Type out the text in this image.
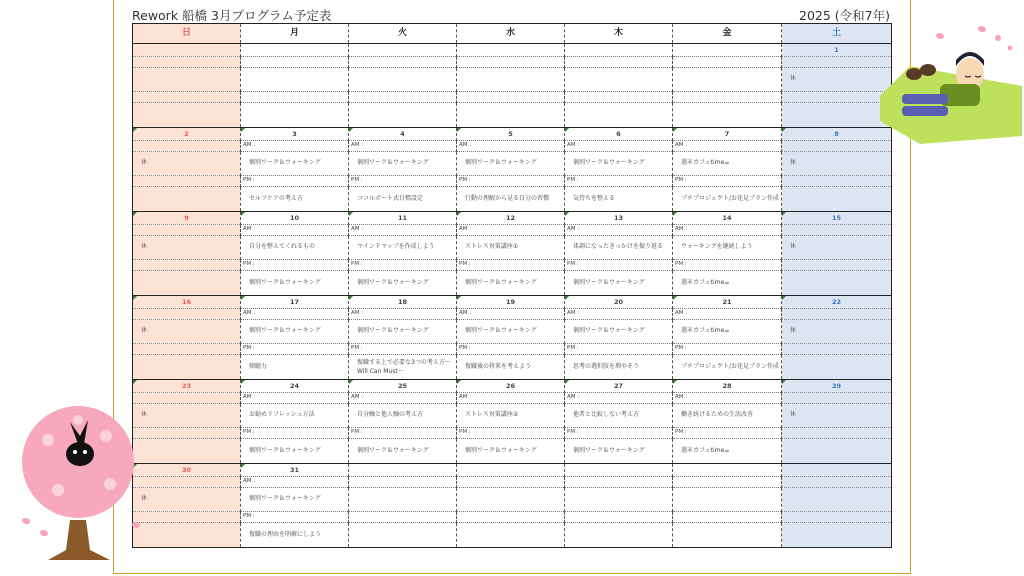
Rework 船橋 3月プログラム予定表	2025 (令和7年)
日	月	火	水	木	金	土
						1

						休

2	3	4	5	6	7	8
	AM :	AM :	AM :	AM :	AM :	
休	個別ワーク＆ウォーキング	個別ワーク＆ウォーキング	個別ワーク＆ウォーキング	個別ワーク＆ウォーキング	週末カフェtime☕	休
	PM :	PM :	PM :	PM :	PM :	
	セルフケアの考え方	ココルポート式目標設定	行動の理解から見る自分の習慣	気持ちを整える	プチプロジェクト/お花見プラン作成	
9	10	11	12	13	14	15
	AM :	AM :	AM :	AM :	AM :	
休	自分を整えてくれるもの	マインドマップを作成しよう	ストレス対策講座①	体調になったきっかけを振り返る	ウォーキングを継続しよう	休
	PM :	PM :	PM :	PM :	PM :	
	個別ワーク＆ウォーキング	個別ワーク＆ウォーキング	個別ワーク＆ウォーキング	個別ワーク＆ウォーキング	週末カフェtime☕	
16	17	18	19	20	21	22
	AM :	AM :	AM :	AM :	AM :	
休	個別ワーク＆ウォーキング	個別ワーク＆ウォーキング	個別ワーク＆ウォーキング	個別ワーク＆ウォーキング	週末カフェtime☕	休
	PM :	PM :	PM :	PM :	PM :	
	傾聴力	復職する上で必要な3つの考え方～Will Can Must～	復職後の将来を考えよう	思考の選択肢を増やそう	プチプロジェクト/お花見プラン作成	
23	24	25	26	27	28	29
	AM :	AM :	AM :	AM :	AM :	
休	お勧めリフレッシュ方法	自分軸と他人軸の考え方	ストレス対策講座②	他者と比較しない考え方	働き続けるための生活改善	休
	PM :	PM :	PM :	PM :	PM :	
	個別ワーク＆ウォーキング	個別ワーク＆ウォーキング	個別ワーク＆ウォーキング	個別ワーク＆ウォーキング	週末カフェtime☕	
30	31					
	AM :					
休	個別ワーク＆ウォーキング					
	PM :					
	復職の理由を明確にしよう					
